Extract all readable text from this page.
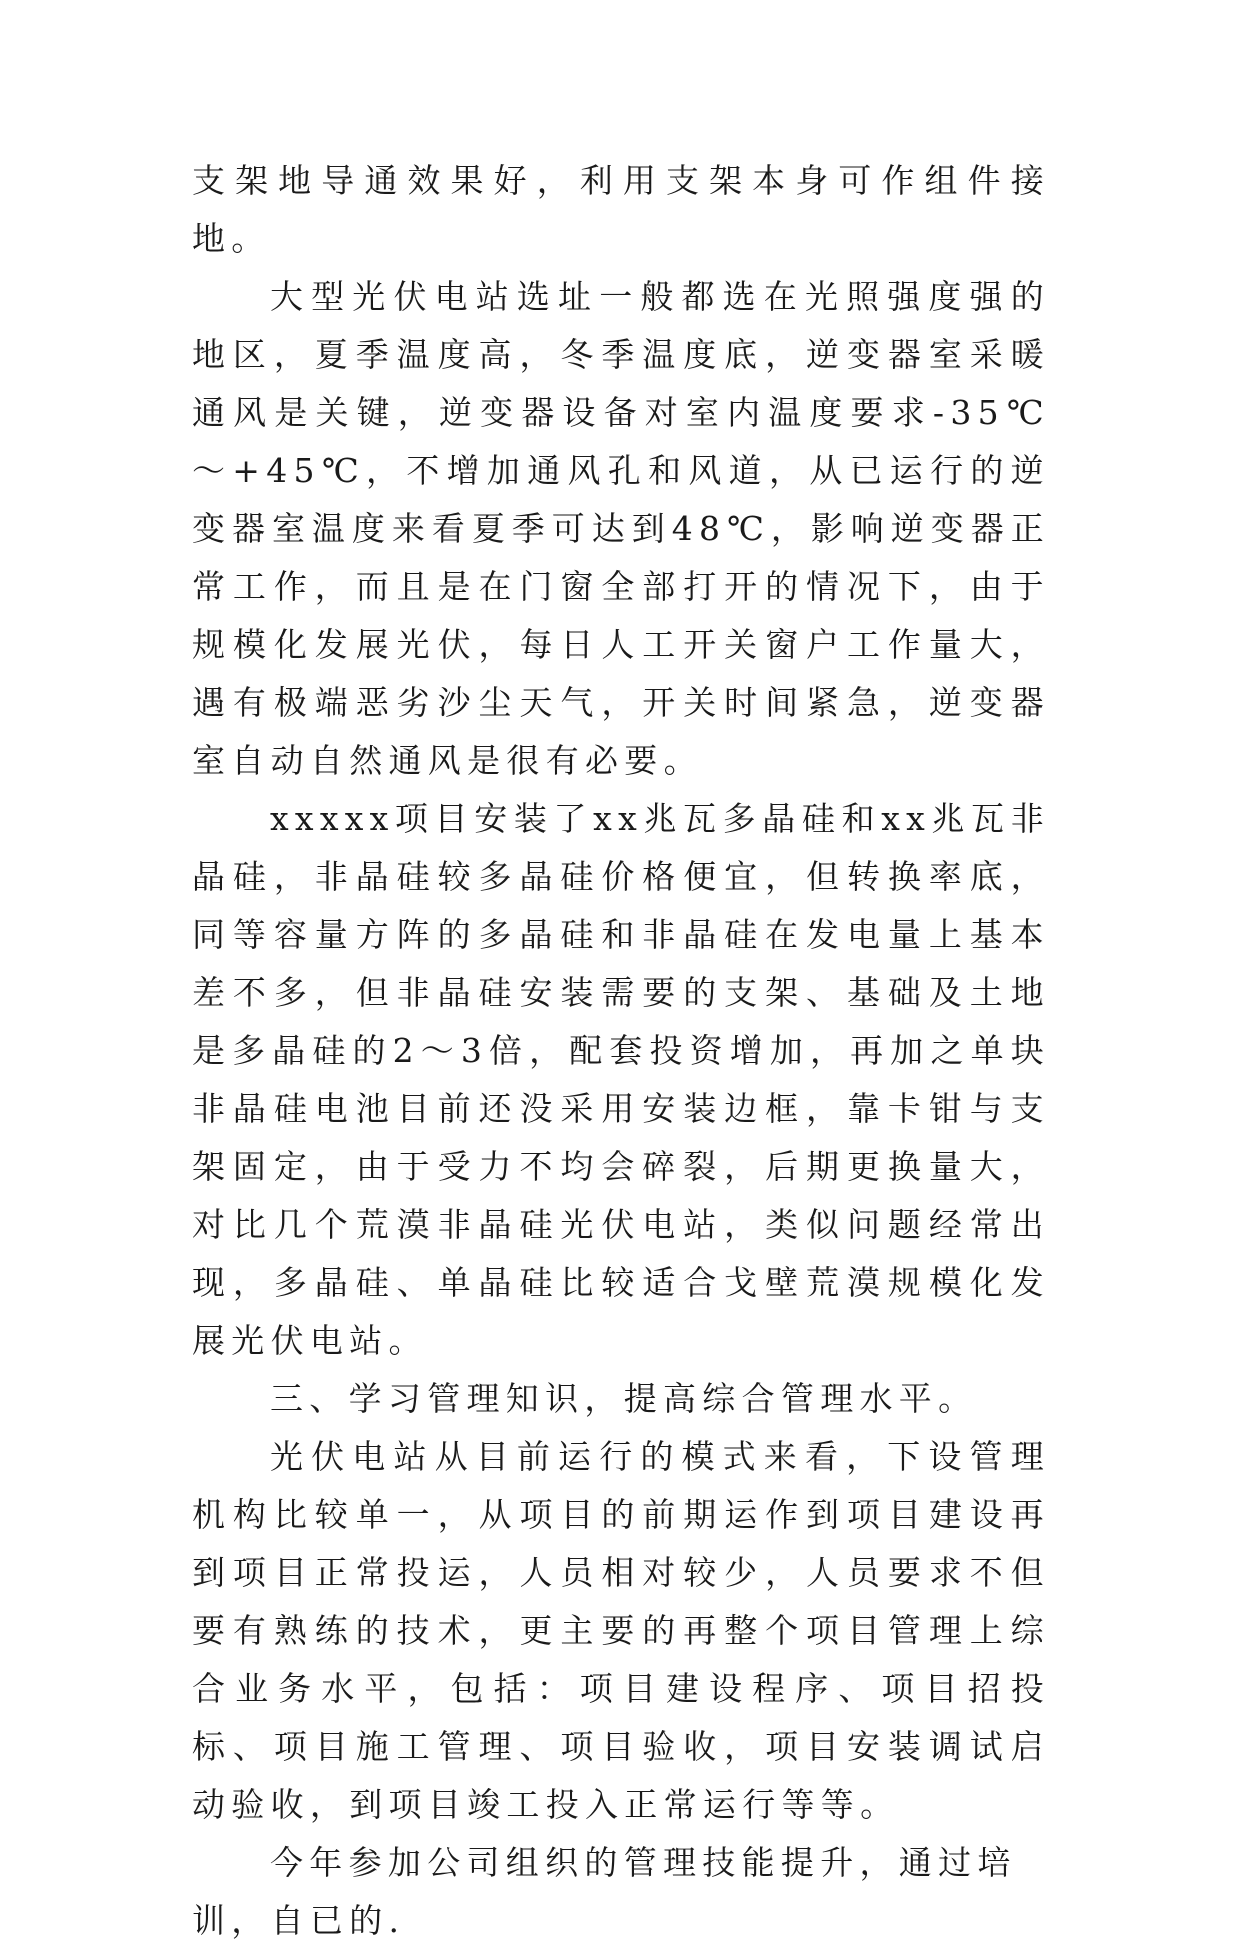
支架地导通效果好，利用支架本身可作组件接地。

大型光伏电站选址一般都选在光照强度强的地区，夏季温度高，冬季温度底，逆变器室采暖通风是关键，逆变器设备对室内温度要求-35℃～+45℃，不增加通风孔和风道，从已运行的逆变器室温度来看夏季可达到48℃，影响逆变器正常工作，而且是在门窗全部打开的情况下，由于规模化发展光伏，每日人工开关窗户工作量大，遇有极端恶劣沙尘天气，开关时间紧急，逆变器室自动自然通风是很有必要。

xxxxx项目安装了xx兆瓦多晶硅和xx兆瓦非晶硅，非晶硅较多晶硅价格便宜，但转换率底，同等容量方阵的多晶硅和非晶硅在发电量上基本差不多，但非晶硅安装需要的支架、基础及土地是多晶硅的2～3倍，配套投资增加，再加之单块非晶硅电池目前还没采用安装边框，靠卡钳与支架固定，由于受力不均会碎裂，后期更换量大，对比几个荒漠非晶硅光伏电站，类似问题经常出现，多晶硅、单晶硅比较适合戈壁荒漠规模化发展光伏电站。

三、学习管理知识，提高综合管理水平。

光伏电站从目前运行的模式来看，下设管理机构比较单一，从项目的前期运作到项目建设再到项目正常投运，人员相对较少，人员要求不但要有熟练的技术，更主要的再整个项目管理上综合业务水平，包括：项目建设程序、项目招投标、项目施工管理、项目验收，项目安装调试启动验收，到项目竣工投入正常运行等等。

今年参加公司组织的管理技能提升，通过培训，自已的.
